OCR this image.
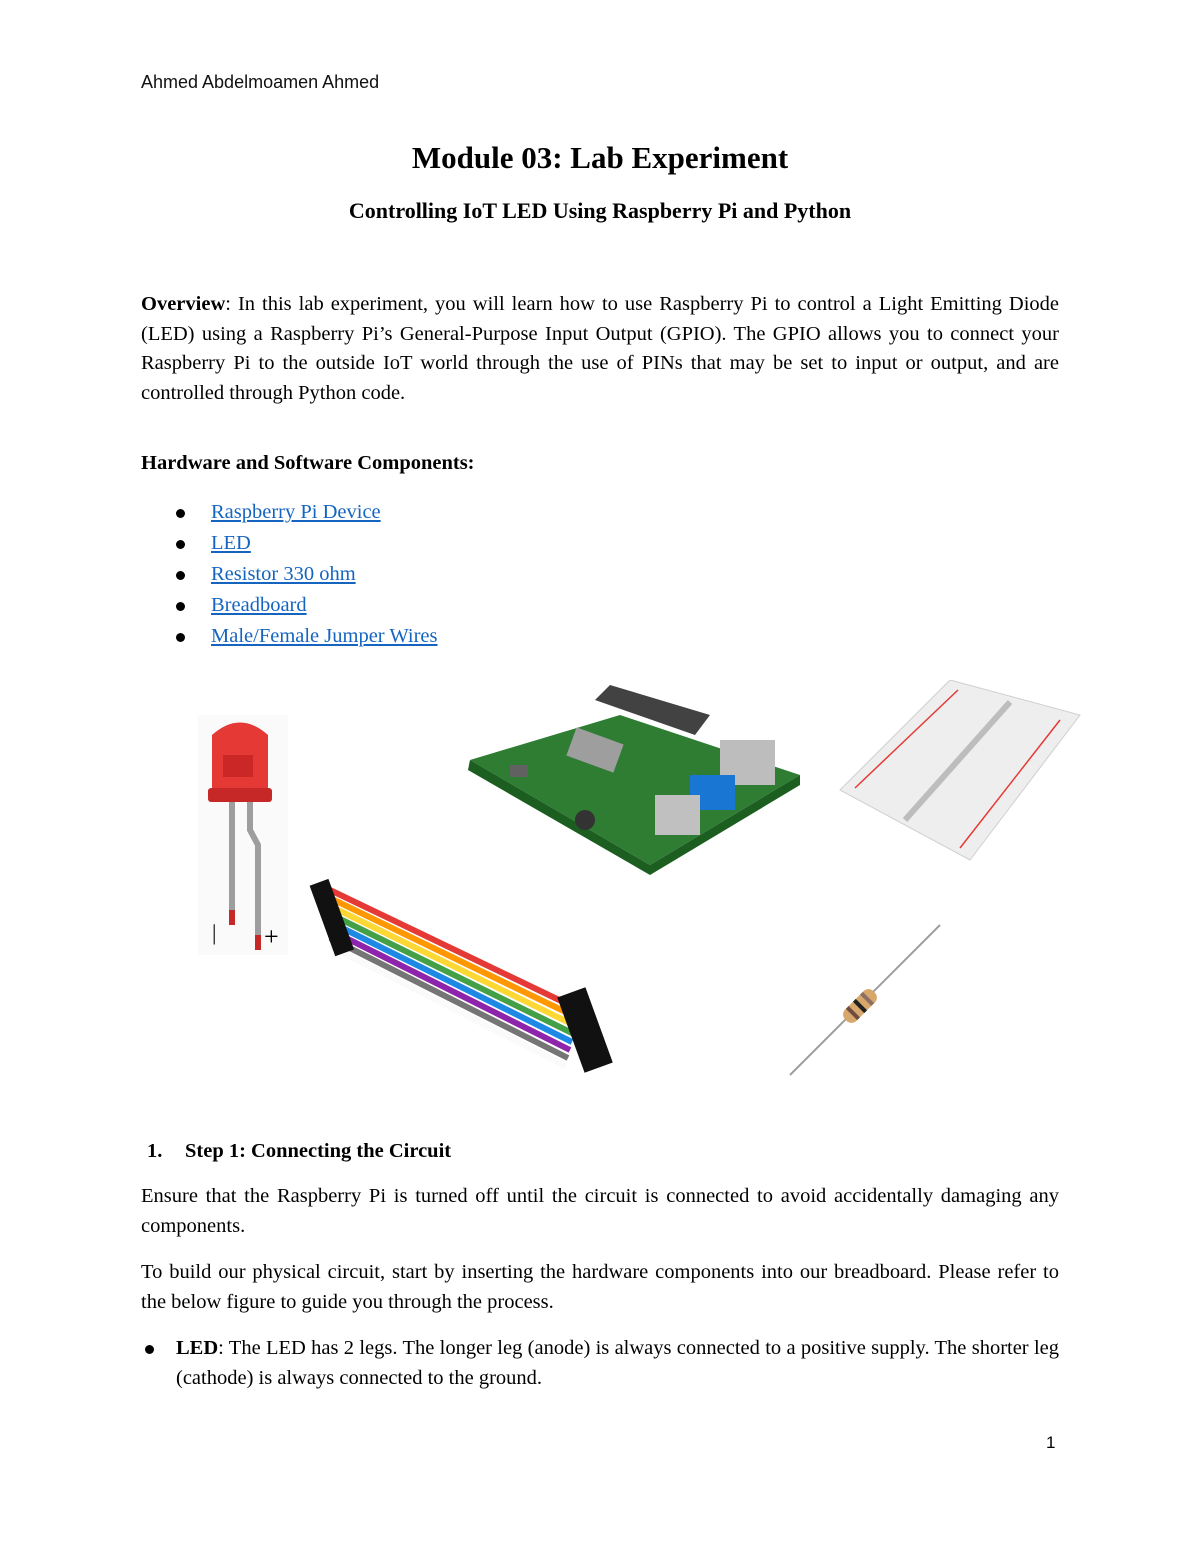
Ahmed Abdelmoamen Ahmed
Module 03: Lab Experiment
Controlling IoT LED Using Raspberry Pi and Python
Overview: In this lab experiment, you will learn how to use Raspberry Pi to control a Light Emitting Diode (LED) using a Raspberry Pi’s General-Purpose Input Output (GPIO). The GPIO allows you to connect your Raspberry Pi to the outside IoT world through the use of PINs that may be set to input or output, and are controlled through Python code.
Hardware and Software Components:
Raspberry Pi Device
LED
Resistor 330 ohm
Breadboard
Male/Female Jumper Wires
| +
1. Step 1: Connecting the Circuit
Ensure that the Raspberry Pi is turned off until the circuit is connected to avoid accidentally damaging any components.
To build our physical circuit, start by inserting the hardware components into our breadboard. Please refer to the below figure to guide you through the process.
LED: The LED has 2 legs. The longer leg (anode) is always connected to a positive supply. The shorter leg (cathode) is always connected to the ground.
1
